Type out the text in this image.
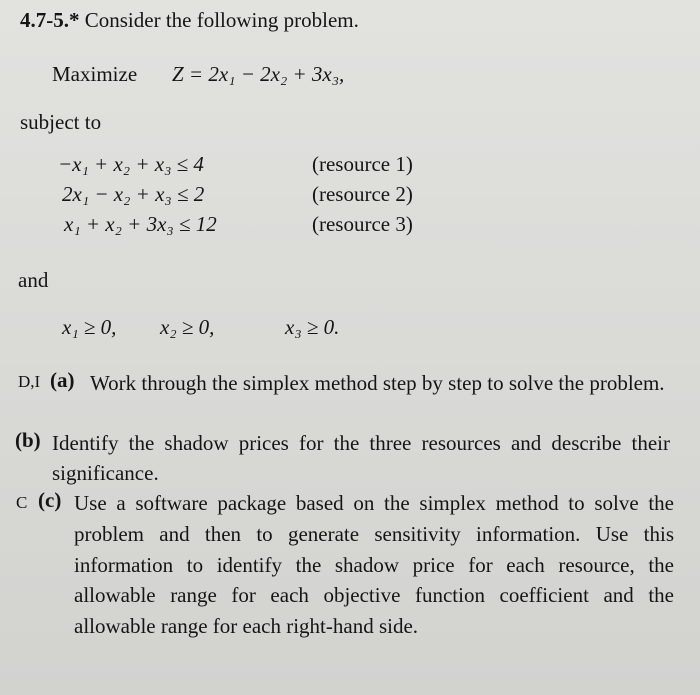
4.7-5.* Consider the following problem.
Maximize Z = 2x₁ − 2x₂ + 3x₃,
subject to
−x₁ + x₂ + x₃ ≤ 4	(resource 1)
2x₁ − x₂ + x₃ ≤ 2	(resource 2)
x₁ + x₂ + 3x₃ ≤ 12	(resource 3)
and
x₁ ≥ 0, x₂ ≥ 0,	x₃ ≥ 0.
D,I (a) Work through the simplex method step by step to solve the problem.
(b) Identify the shadow prices for the three resources and describe their significance.
C (c) Use a software package based on the simplex method to solve the problem and then to generate sensitivity information. Use this information to identify the shadow price for each resource, the allowable range for each objective function coefficient and the allowable range for each right-hand side.
